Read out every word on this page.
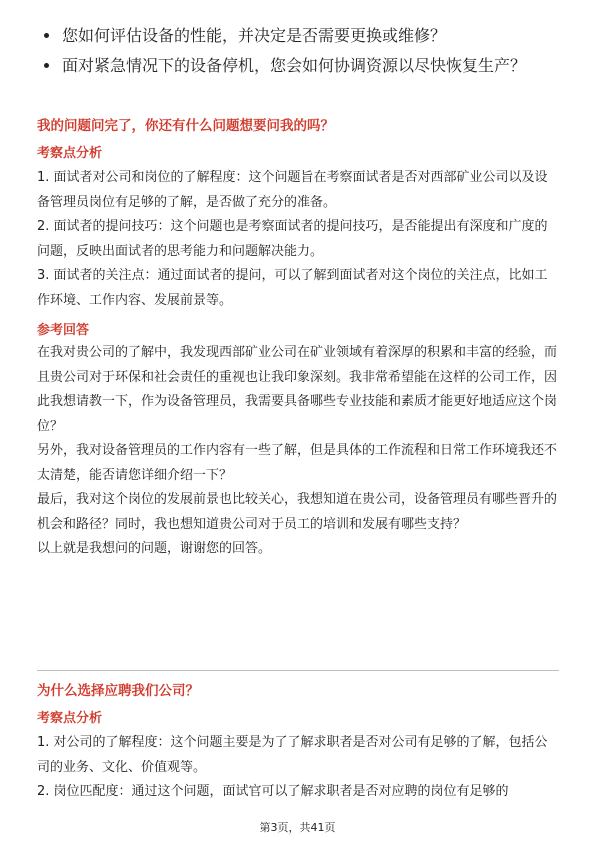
您如何评估设备的性能，并决定是否需要更换或维修？
面对紧急情况下的设备停机，您会如何协调资源以尽快恢复生产？
我的问题问完了，你还有什么问题想要问我的吗？
考察点分析

1. 面试者对公司和岗位的了解程度：这个问题旨在考察面试者是否对西部矿业公司以及设备管理员岗位有足够的了解，是否做了充分的准备。

2. 面试者的提问技巧：这个问题也是考察面试者的提问技巧，是否能提出有深度和广度的问题，反映出面试者的思考能力和问题解决能力。

3. 面试者的关注点：通过面试者的提问，可以了解到面试者对这个岗位的关注点，比如工作环境、工作内容、发展前景等。

参考回答

在我对贵公司的了解中，我发现西部矿业公司在矿业领域有着深厚的积累和丰富的经验，而且贵公司对于环保和社会责任的重视也让我印象深刻。我非常希望能在这样的公司工作，因此我想请教一下，作为设备管理员，我需要具备哪些专业技能和素质才能更好地适应这个岗位？

另外，我对设备管理员的工作内容有一些了解，但是具体的工作流程和日常工作环境我还不太清楚，能否请您详细介绍一下？

最后，我对这个岗位的发展前景也比较关心，我想知道在贵公司，设备管理员有哪些晋升的机会和路径？同时，我也想知道贵公司对于员工的培训和发展有哪些支持？

以上就是我想问的问题，谢谢您的回答。

为什么选择应聘我们公司？
考察点分析

1. 对公司的了解程度：这个问题主要是为了了解求职者是否对公司有足够的了解，包括公司的业务、文化、价值观等。

2. 岗位匹配度：通过这个问题，面试官可以了解求职者是否对应聘的岗位有足够的

第3页，共41页
